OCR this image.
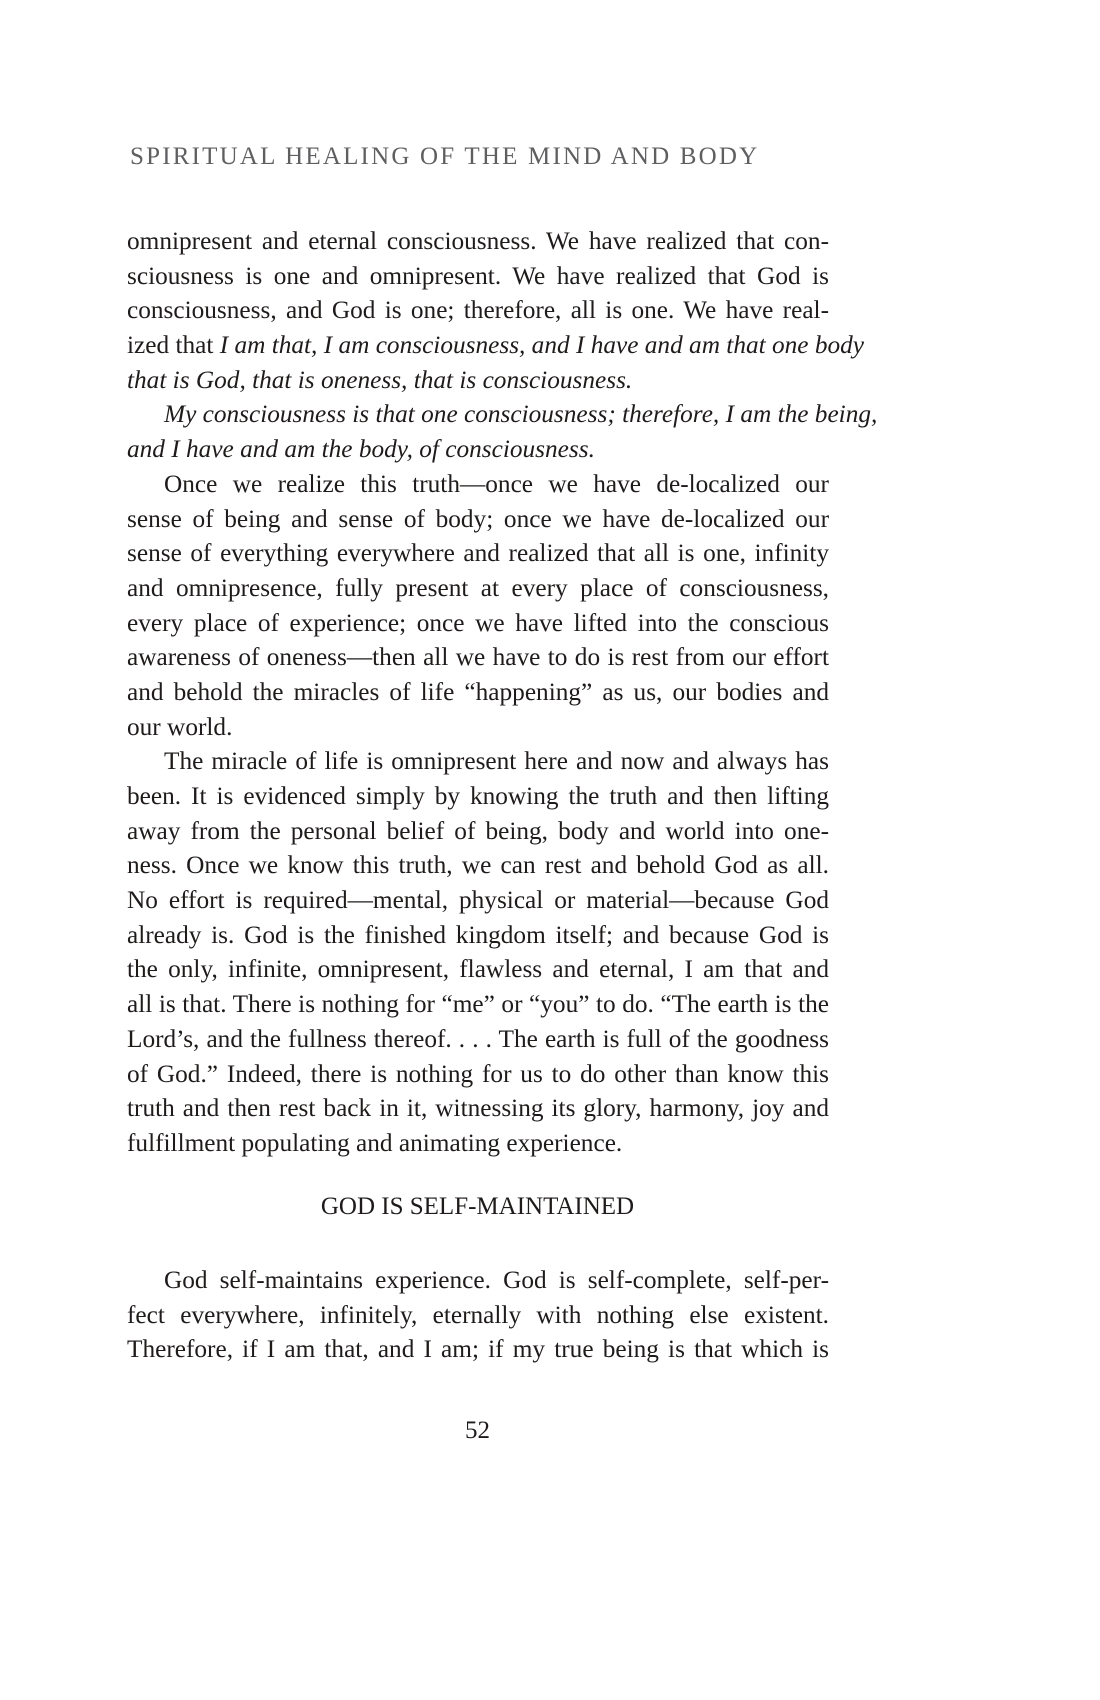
SPIRITUAL HEALING OF THE MIND AND BODY
omnipresent and eternal consciousness. We have realized that con-
sciousness is one and omnipresent. We have realized that God is
consciousness, and God is one; therefore, all is one. We have real-
ized that I am that, I am consciousness, and I have and am that one body
that is God, that is oneness, that is consciousness.
My consciousness is that one consciousness; therefore, I am the being,
and I have and am the body, of consciousness.
Once we realize this truth—once we have de-localized our
sense of being and sense of body; once we have de-localized our
sense of everything everywhere and realized that all is one, infinity
and omnipresence, fully present at every place of consciousness,
every place of experience; once we have lifted into the conscious
awareness of oneness—then all we have to do is rest from our effort
and behold the miracles of life “happening” as us, our bodies and
our world.
The miracle of life is omnipresent here and now and always has
been. It is evidenced simply by knowing the truth and then lifting
away from the personal belief of being, body and world into one-
ness. Once we know this truth, we can rest and behold God as all.
No effort is required—mental, physical or material—because God
already is. God is the finished kingdom itself; and because God is
the only, infinite, omnipresent, flawless and eternal, I am that and
all is that. There is nothing for “me” or “you” to do. “The earth is the
Lord’s, and the fullness thereof. . . . The earth is full of the goodness
of God.” Indeed, there is nothing for us to do other than know this
truth and then rest back in it, witnessing its glory, harmony, joy and
fulfillment populating and animating experience.
GOD IS SELF-MAINTAINED
God self-maintains experience. God is self-complete, self-per-
fect everywhere, infinitely, eternally with nothing else existent.
Therefore, if I am that, and I am; if my true being is that which is
52
